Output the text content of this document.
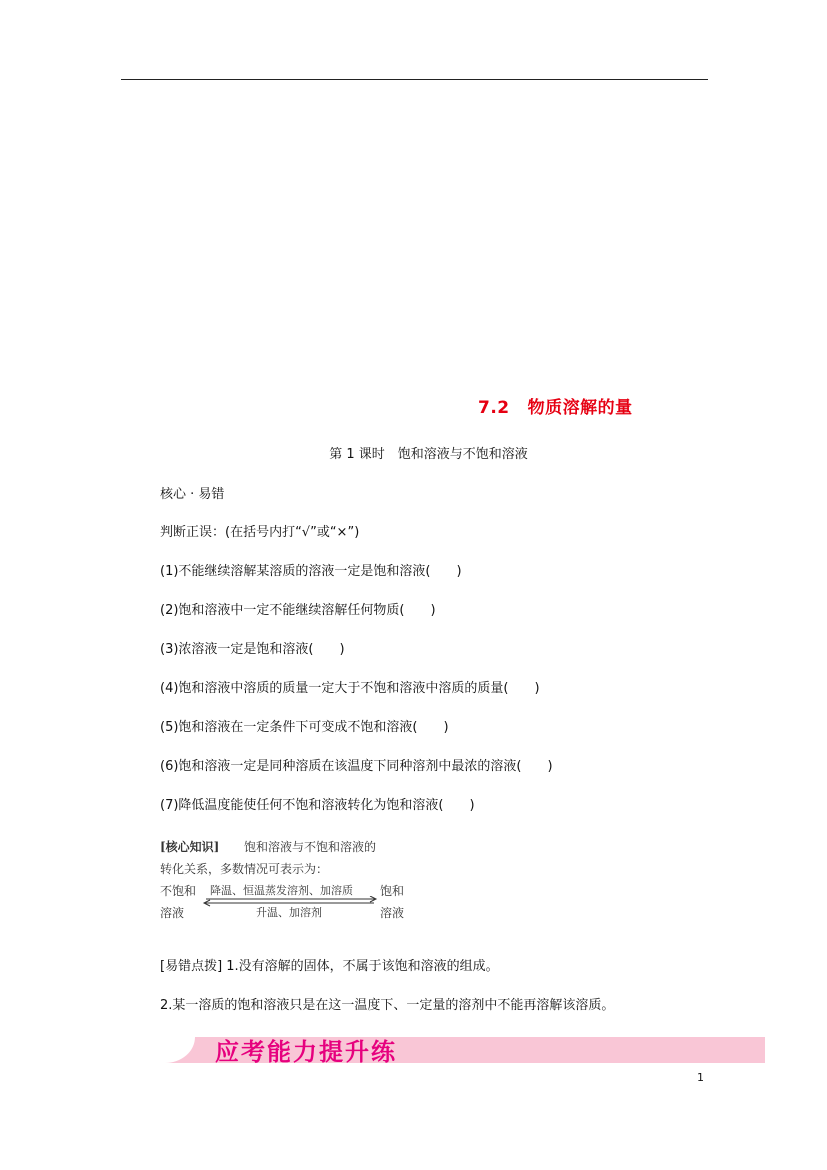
7.2 物质溶解的量
第 1 课时　饱和溶液与不饱和溶液
核心 · 易错
判断正误：(在括号内打“√”或“×”)
(1)不能继续溶解某溶质的溶液一定是饱和溶液(　　)
(2)饱和溶液中一定不能继续溶解任何物质(　　)
(3)浓溶液一定是饱和溶液(　　)
(4)饱和溶液中溶质的质量一定大于不饱和溶液中溶质的质量(　　)
(5)饱和溶液在一定条件下可变成不饱和溶液(　　)
(6)饱和溶液一定是同种溶质在该温度下同种溶剂中最浓的溶液(　　)
(7)降低温度能使任何不饱和溶液转化为饱和溶液(　　)
[核心知识] 饱和溶液与不饱和溶液的
转化关系，多数情况可表示为：
不饱和
溶液
降温、恒温蒸发溶剂、加溶质
升温、加溶剂
饱和
溶液
[易错点拨] 1.没有溶解的固体，不属于该饱和溶液的组成。
2.某一溶质的饱和溶液只是在这一温度下、一定量的溶剂中不能再溶解该溶质。
应考能力提升练
1
